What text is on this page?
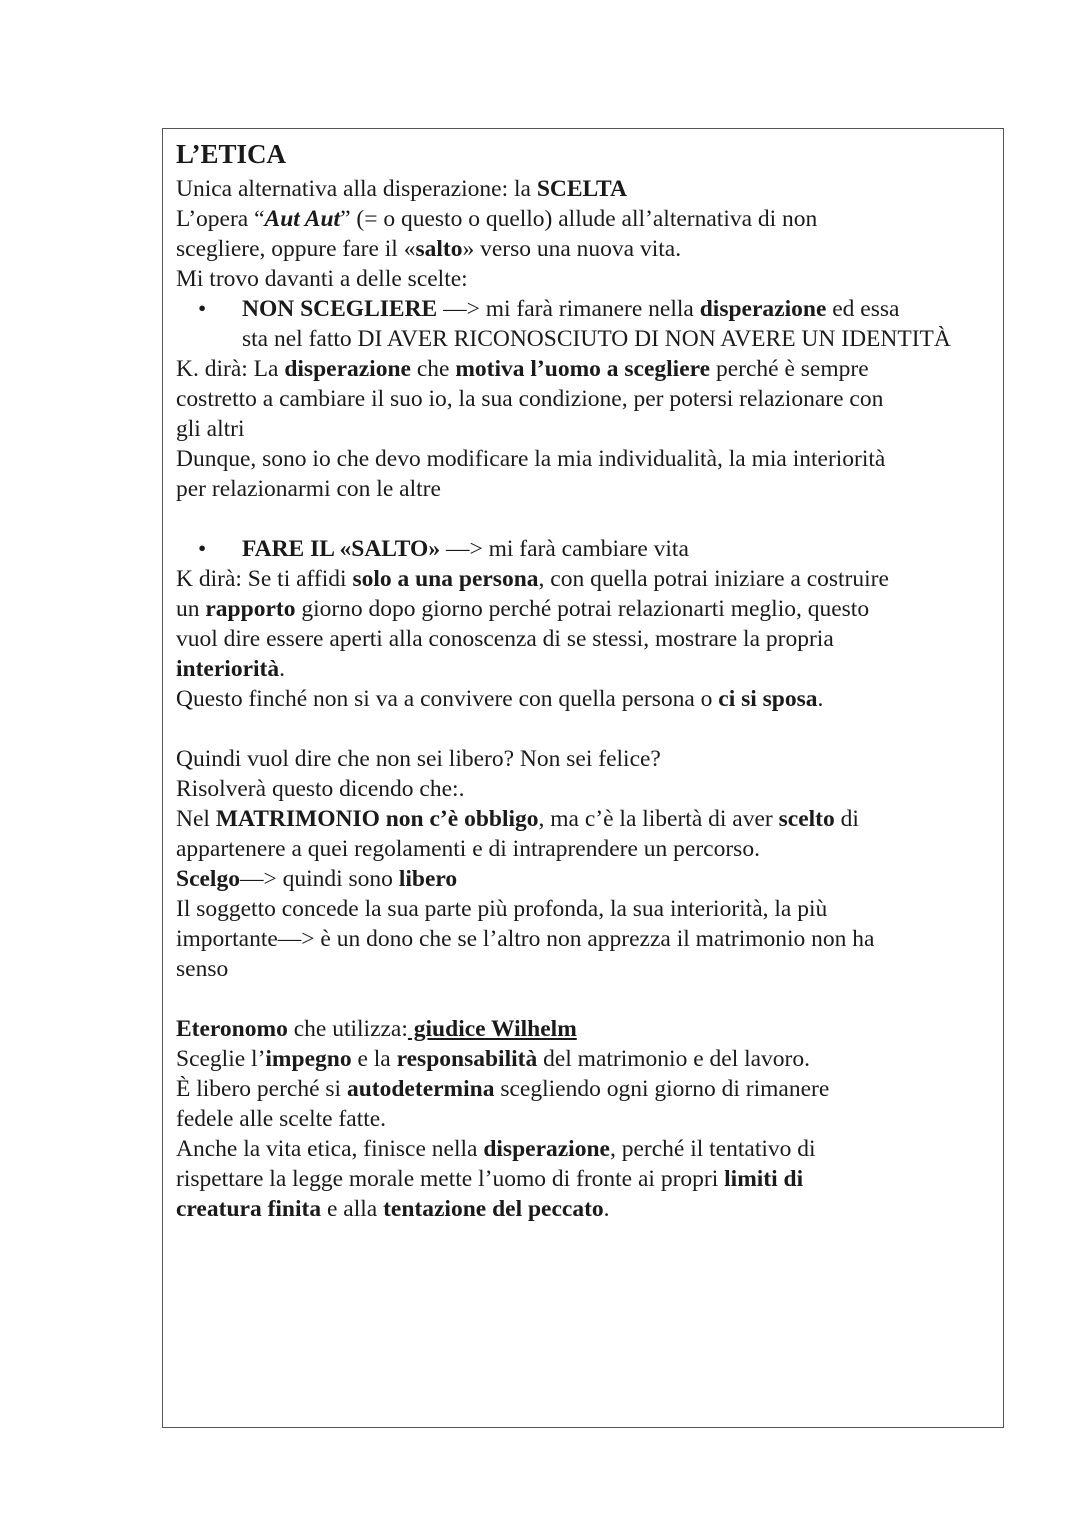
L’ETICA
Unica alternativa alla disperazione: la SCELTA
L’opera “Aut Aut” (= o questo o quello) allude all’alternativa di non
scegliere, oppure fare il «salto» verso una nuova vita.
Mi trovo davanti a delle scelte:
• NON SCEGLIERE —> mi farà rimanere nella disperazione ed essa
sta nel fatto DI AVER RICONOSCIUTO DI NON AVERE UN IDENTITÀ
K. dirà: La disperazione che motiva l’uomo a scegliere perché è sempre
costretto a cambiare il suo io, la sua condizione, per potersi relazionare con
gli altri
Dunque, sono io che devo modificare la mia individualità, la mia interiorità
per relazionarmi con le altre
• FARE IL «SALTO» —> mi farà cambiare vita
K dirà: Se ti affidi solo a una persona, con quella potrai iniziare a costruire
un rapporto giorno dopo giorno perché potrai relazionarti meglio, questo
vuol dire essere aperti alla conoscenza di se stessi, mostrare la propria
interiorità.
Questo finché non si va a convivere con quella persona o ci si sposa.
Quindi vuol dire che non sei libero? Non sei felice?
Risolverà questo dicendo che:.
Nel MATRIMONIO non c’è obbligo, ma c’è la libertà di aver scelto di
appartenere a quei regolamenti e di intraprendere un percorso.
Scelgo—> quindi sono libero
Il soggetto concede la sua parte più profonda, la sua interiorità, la più
importante—> è un dono che se l’altro non apprezza il matrimonio non ha
senso
Eteronomo che utilizza: giudice Wilhelm
Sceglie l’impegno e la responsabilità del matrimonio e del lavoro.
È libero perché si autodetermina scegliendo ogni giorno di rimanere
fedele alle scelte fatte.
Anche la vita etica, finisce nella disperazione, perché il tentativo di
rispettare la legge morale mette l’uomo di fronte ai propri limiti di
creatura finita e alla tentazione del peccato.
